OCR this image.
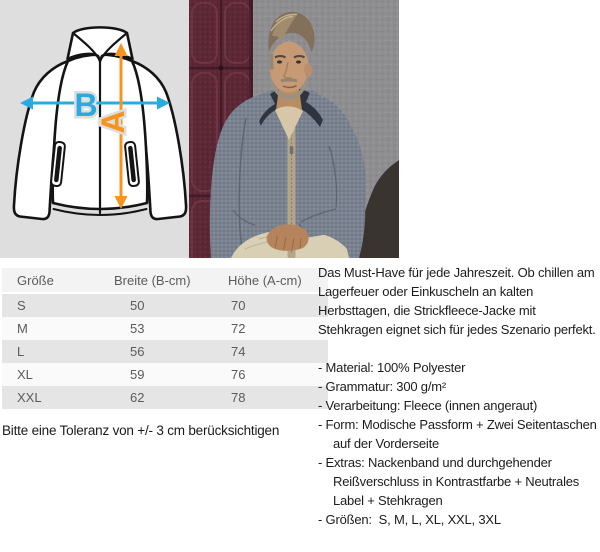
B
A
Größe	Breite (B-cm)	Höhe (A-cm)
S	50	70
M	53	72
L	56	74
XL	59	76
XXL	62	78

Bitte eine Toleranz von +/- 3 cm berücksichtigen

Das Must-Have für jede Jahreszeit. Ob chillen am Lagerfeuer oder Einkuscheln an kalten Herbsttagen, die Strickfleece-Jacke mit Stehkragen eignet sich für jedes Szenario perfekt.

- Material: 100% Polyester
- Grammatur: 300 g/m²
- Verarbeitung: Fleece (innen angeraut)
- Form: Modische Passform + Zwei Seitentaschen auf der Vorderseite
- Extras: Nackenband und durchgehender Reißverschluss in Kontrastfarbe + Neutrales Label + Stehkragen
- Größen:  S, M, L, XL, XXL, 3XL
